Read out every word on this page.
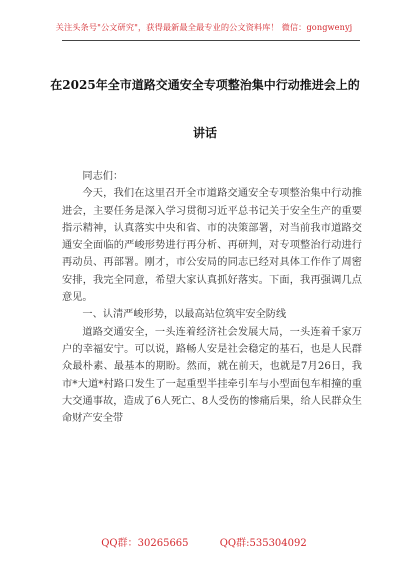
关注头条号"公文研究"，获得最新最全最专业的公文资料库！ 微信：gongwenyj
在2025年全市道路交通安全专项整治集中行动推进会上的
讲话

同志们：

今天，我们在这里召开全市道路交通安全专项整治集中行动推进会，主要任务是深入学习贯彻习近平总书记关于安全生产的重要指示精神，认真落实中央和省、市的决策部署，对当前我市道路交通安全面临的严峻形势进行再分析、再研判，对专项整治行动进行再动员、再部署。刚才，市公安局的同志已经对具体工作作了周密安排，我完全同意，希望大家认真抓好落实。下面，我再强调几点意见。

一、认清严峻形势，以最高站位筑牢安全防线

道路交通安全，一头连着经济社会发展大局，一头连着千家万户的幸福安宁。可以说，路畅人安是社会稳定的基石，也是人民群众最朴素、最基本的期盼。然而，就在前天，也就是7月26日，我市*大道*村路口发生了一起重型半挂牵引车与小型面包车相撞的重大交通事故，造成了6人死亡、8人受伤的惨痛后果，给人民群众生命财产安全带

QQ群：30265665	QQ群:535304092
